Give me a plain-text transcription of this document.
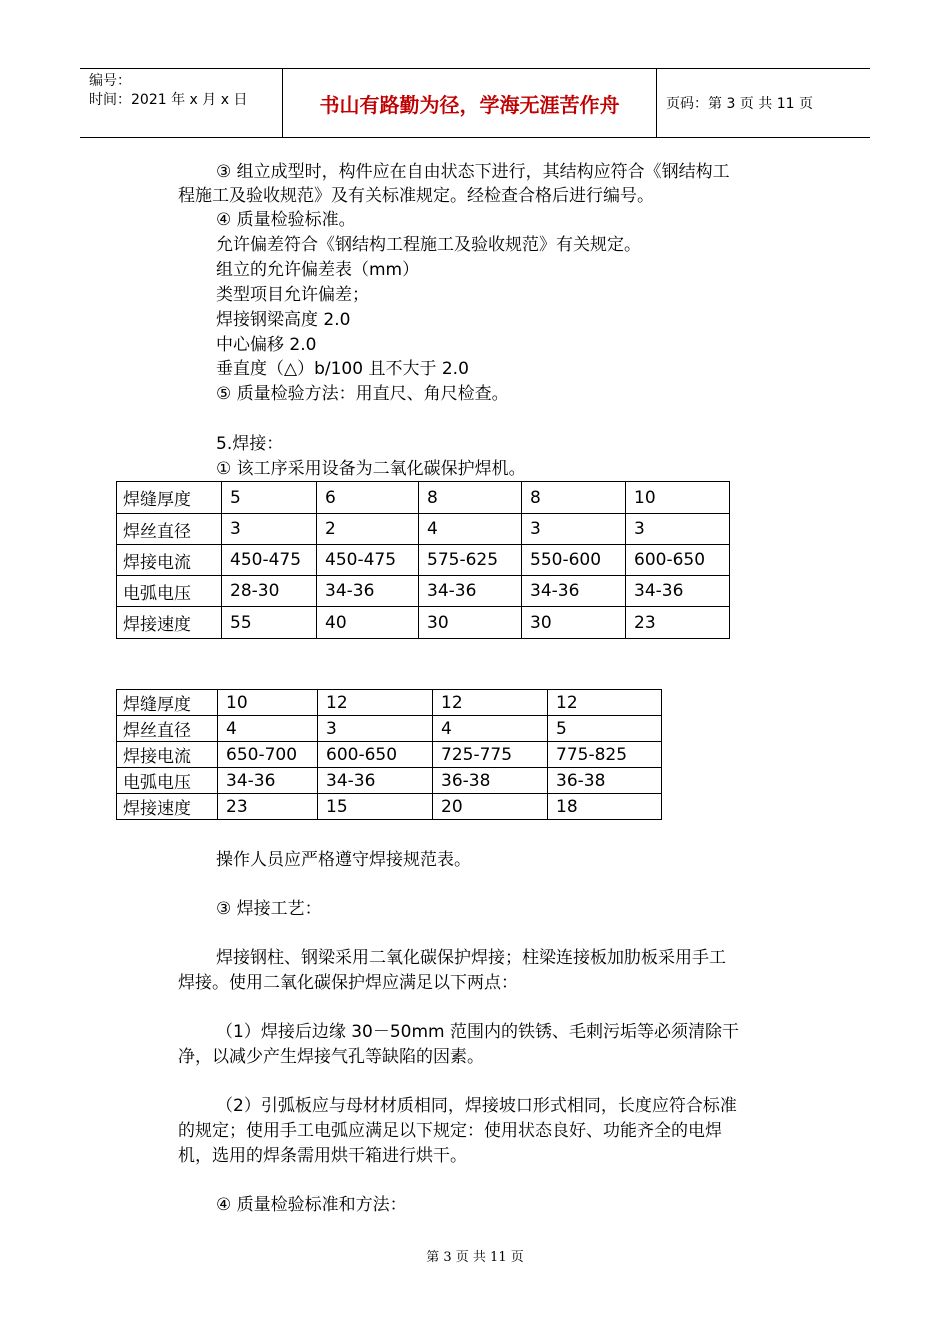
编号：
时间：2021 年 x 月 x 日	书山有路勤为径，学海无涯苦作舟	页码：第 3 页 共 11 页
③ 组立成型时，构件应在自由状态下进行，其结构应符合《钢结构工
程施工及验收规范》及有关标准规定。经检查合格后进行编号。
④ 质量检验标准。
允许偏差符合《钢结构工程施工及验收规范》有关规定。
组立的允许偏差表（mm）
类型项目允许偏差；
焊接钢梁高度 2.0
中心偏移 2.0
垂直度（△）b/100 且不大于 2.0
⑤ 质量检验方法：用直尺、角尺检查。
5.焊接：
① 该工序采用设备为二氧化碳保护焊机。
焊缝厚度	5	6	8	8	10
焊丝直径	3	2	4	3	3
焊接电流	450-475	450-475	575-625	550-600	600-650
电弧电压	28-30	34-36	34-36	34-36	34-36
焊接速度	55	40	30	30	23
焊缝厚度	10	12	12	12
焊丝直径	4	3	4	5
焊接电流	650-700	600-650	725-775	775-825
电弧电压	34-36	34-36	36-38	36-38
焊接速度	23	15	20	18
操作人员应严格遵守焊接规范表。
③ 焊接工艺：
焊接钢柱、钢梁采用二氧化碳保护焊接；柱梁连接板加肋板采用手工
焊接。使用二氧化碳保护焊应满足以下两点：
（1）焊接后边缘 30－50mm 范围内的铁锈、毛刺污垢等必须清除干
净，以减少产生焊接气孔等缺陷的因素。
（2）引弧板应与母材材质相同，焊接坡口形式相同，长度应符合标准
的规定；使用手工电弧应满足以下规定：使用状态良好、功能齐全的电焊
机，选用的焊条需用烘干箱进行烘干。
④ 质量检验标准和方法：
第 3 页 共 11 页
